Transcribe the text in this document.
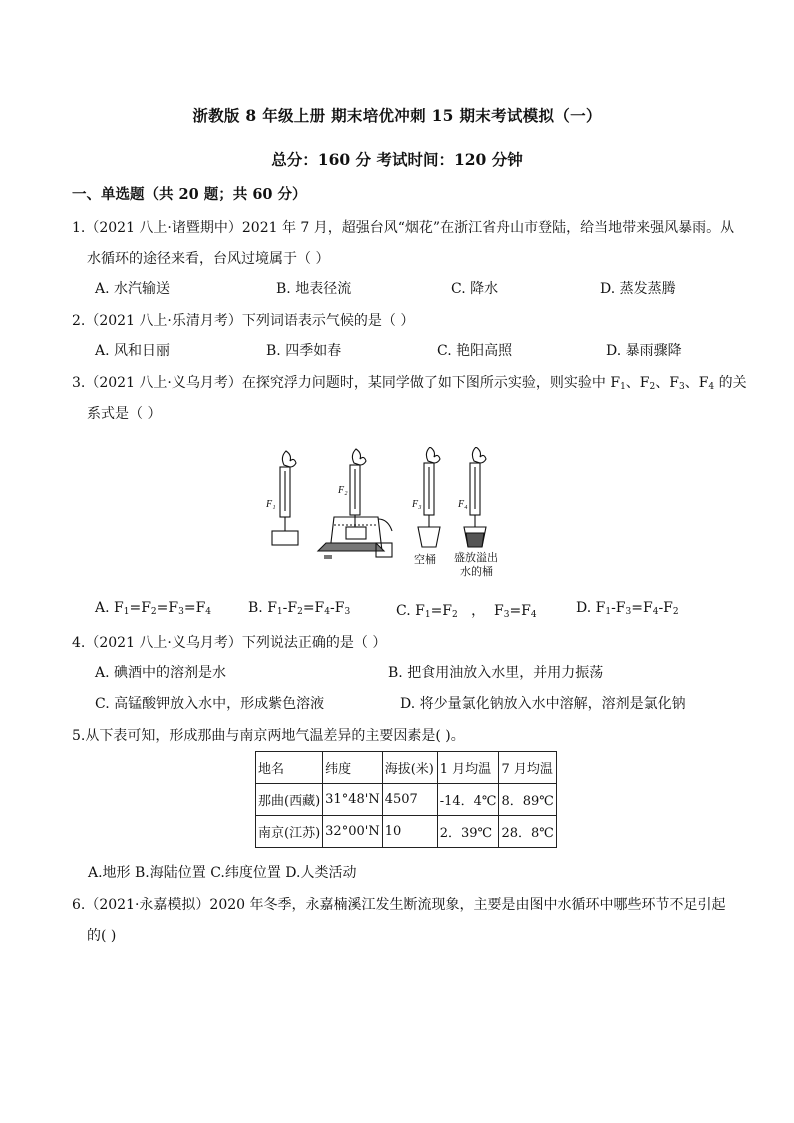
浙教版 8 年级上册 期末培优冲刺 15 期末考试模拟（一）
总分：160 分 考试时间：120 分钟
一、单选题（共 20 题；共 60 分）
1.（2021 八上·诸暨期中）2021 年 7 月，超强台风“烟花”在浙江省舟山市登陆，给当地带来强风暴雨。从
水循环的途径来看，台风过境属于（ ）
A. 水汽输送	B. 地表径流	C. 降水	D. 蒸发蒸腾
2.（2021 八上·乐清月考）下列词语表示气候的是（ ）
A. 风和日丽	B. 四季如春	C. 艳阳高照	D. 暴雨骤降
3.（2021 八上·义乌月考）在探究浮力问题时，某同学做了如下图所示实验，则实验中 $F_1$、$F_2$、$F_3$、$F_4$ 的关
系式是（ ）
F₁
F₂
F₃	F₄
空桶 盛放溢出
水的桶
A. $F_1=F_2=F_3=F_4$	B. $F_1-F_2=F_4-F_3$	C. $F_1=F_2$   ，  $F_3=F_4$	D. $F_1-F_3=F_4-F_2$
4.（2021 八上·义乌月考）下列说法正确的是（ ）
A. 碘酒中的溶剂是水	B. 把食用油放入水里，并用力振荡
C. 高锰酸钾放入水中，形成紫色溶液	D. 将少量氯化钠放入水中溶解，溶剂是氯化钠
5.从下表可知，形成那曲与南京两地气温差异的主要因素是( )。
地名	纬度	海拔(米)	1 月均温	7 月均温
那曲(西藏)	31°48'N	4507	-14．4℃	8．89℃
南京(江苏)	32°00'N	10	2．39℃	28．8℃
A.地形 B.海陆位置 C.纬度位置 D.人类活动
6.（2021·永嘉模拟）2020 年冬季，永嘉楠溪江发生断流现象，主要是由图中水循环中哪些环节不足引起
的( )
